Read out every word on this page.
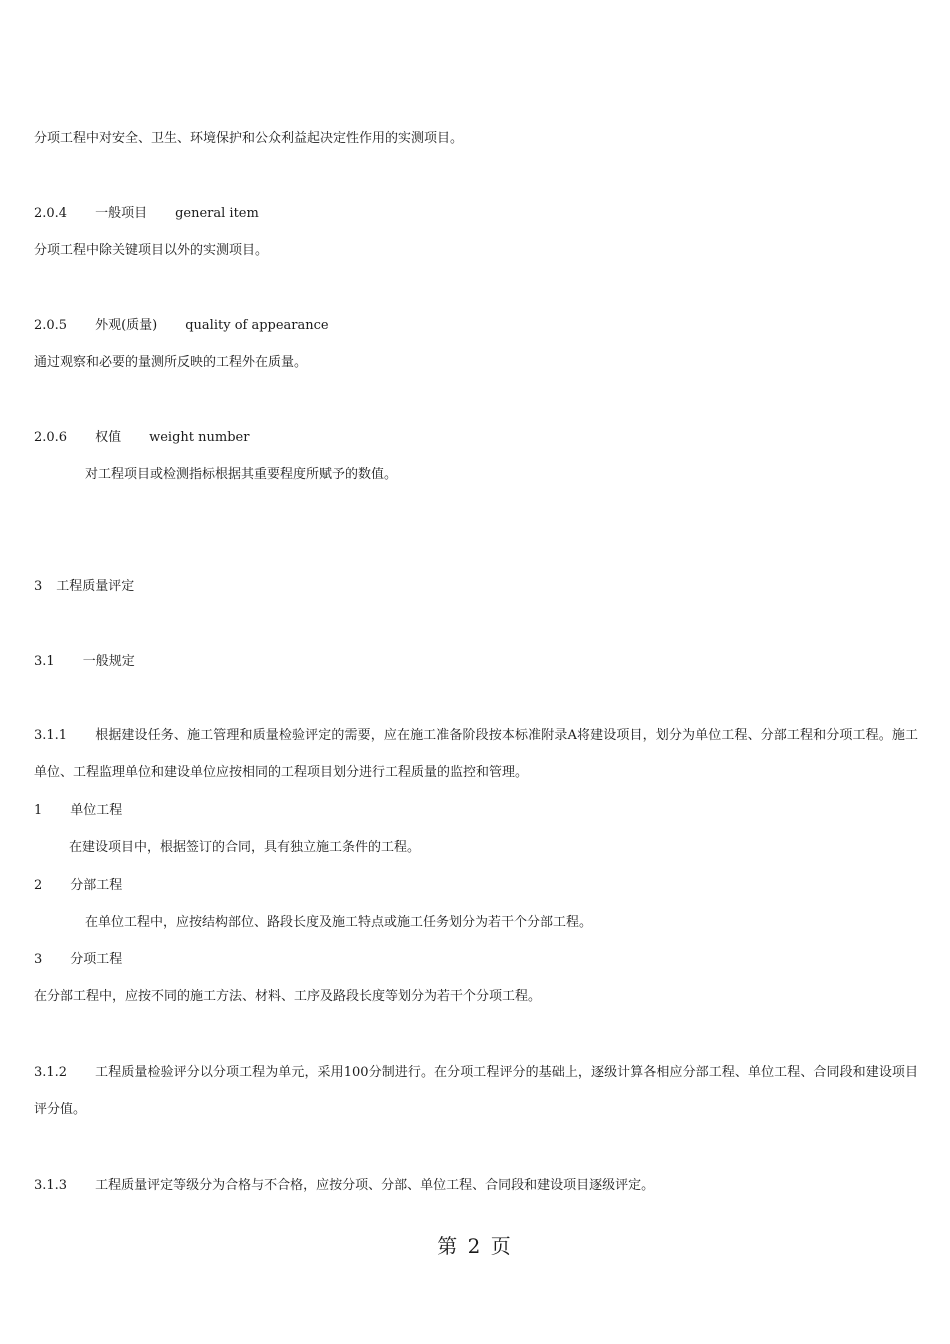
分项工程中对安全、卫生、环境保护和公众利益起决定性作用的实测项目。
2.0.4 一般项目 general item
分项工程中除关键项目以外的实测项目。
2.0.5 外观(质量) quality of appearance
通过观察和必要的量测所反映的工程外在质量。
2.0.6 权值 weight number
对工程项目或检测指标根据其重要程度所赋予的数值。
3 工程质量评定
3.1 一般规定
3.1.1 根据建设任务、施工管理和质量检验评定的需要，应在施工准备阶段按本标准附录A将建设项目，划分为单位工程、分部工程和分项工程。施工单位、工程监理单位和建设单位应按相同的工程项目划分进行工程质量的监控和管理。
1 单位工程
在建设项目中，根据签订的合同，具有独立施工条件的工程。
2 分部工程
在单位工程中，应按结构部位、路段长度及施工特点或施工任务划分为若干个分部工程。
3 分项工程
在分部工程中，应按不同的施工方法、材料、工序及路段长度等划分为若干个分项工程。
3.1.2 工程质量检验评分以分项工程为单元，采用100分制进行。在分项工程评分的基础上，逐级计算各相应分部工程、单位工程、合同段和建设项目评分值。
3.1.3 工程质量评定等级分为合格与不合格，应按分项、分部、单位工程、合同段和建设项目逐级评定。
第 2 页
